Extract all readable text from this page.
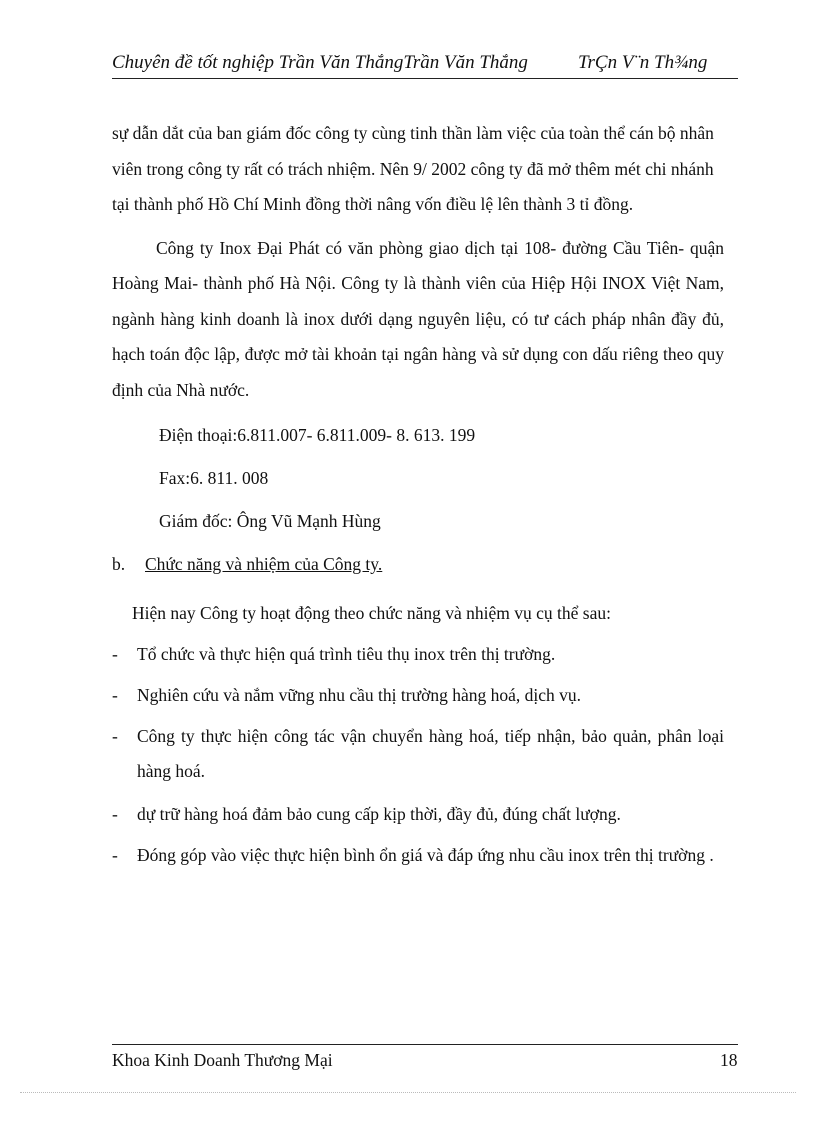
Chuyên đề tốt nghiệp Trần Văn ThắngTrần Văn Thắng	TrÇn V¨n Th¾ng

sự dẫn dắt của ban giám đốc công ty cùng tinh thần làm việc của toàn thể cán bộ nhân viên trong công ty rất có trách nhiệm. Nên 9/ 2002 công ty đã mở thêm mét chi nhánh tại thành phố Hồ Chí Minh đồng thời nâng vốn điều lệ lên thành 3 tỉ đồng.

Công ty Inox Đại Phát có văn phòng giao dịch tại 108- đường Cầu Tiên- quận Hoàng Mai- thành phố Hà Nội. Công ty là thành viên của Hiệp Hội INOX Việt Nam, ngành hàng kinh doanh là inox dưới dạng nguyên liệu, có tư cách pháp nhân đầy đủ, hạch toán độc lập, được mở tài khoản tại ngân hàng và sử dụng con dấu riêng theo quy định của Nhà nước.

Điện thoại:6.811.007- 6.811.009- 8. 613. 199

Fax:6. 811. 008

Giám đốc: Ông Vũ Mạnh Hùng

b. Chức năng và nhiệm của Công ty.

Hiện nay Công ty hoạt động theo chức năng và nhiệm vụ cụ thể sau:

- Tổ chức và thực hiện quá trình tiêu thụ inox trên thị trường.
- Nghiên cứu và nắm vững nhu cầu thị trường hàng hoá, dịch vụ.
- Công ty thực hiện công tác vận chuyển hàng hoá, tiếp nhận, bảo quản, phân loại hàng hoá.
- dự trữ hàng hoá đảm bảo cung cấp kịp thời, đầy đủ, đúng chất lượng.
- Đóng góp vào việc thực hiện bình ổn giá và đáp ứng nhu cầu inox trên thị trường .
Khoa Kinh Doanh Thương Mại	18
